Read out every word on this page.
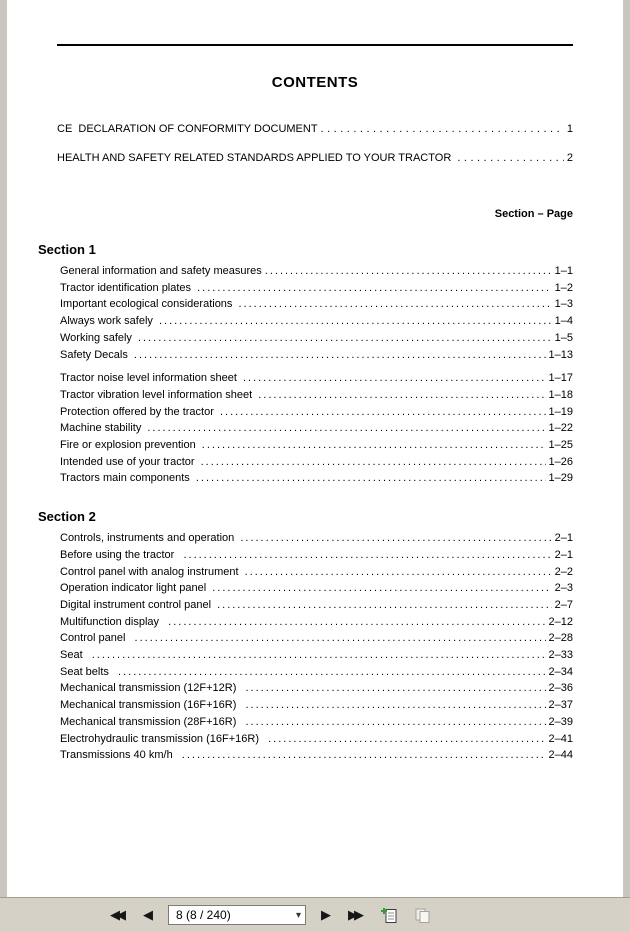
CONTENTS
CE  DECLARATION OF CONFORMITY DOCUMENT .....	1
HEALTH AND SAFETY RELATED STANDARDS APPLIED TO YOUR TRACTOR .....	2
Section – Page
Section 1
General information and safety measures .....	1–1
Tractor identification plates .....	1–2
Important ecological considerations .....	1–3
Always work safely .....	1–4
Working safely .....	1–5
Safety Decals .....	1–13
Tractor noise level information sheet .....	1–17
Tractor vibration level information sheet .....	1–18
Protection offered by the tractor .....	1–19
Machine stability .....	1–22
Fire or explosion prevention .....	1–25
Intended use of your tractor .....	1–26
Tractors main components .....	1–29
Section 2
Controls, instruments and operation .....	2–1
Before using the tractor .....	2–1
Control panel with analog instrument .....	2–2
Operation indicator light panel .....	2–3
Digital instrument control panel .....	2–7
Multifunction display .....	2–12
Control panel .....	2–28
Seat .....	2–33
Seat belts .....	2–34
Mechanical transmission (12F+12R) .....	2–36
Mechanical transmission (16F+16R) .....	2–37
Mechanical transmission (28F+16R) .....	2–39
Electrohydraulic transmission (16F+16R) .....	2–41
Transmissions 40 km/h .....	2–44
◀◀	◀ 8 (8 / 240)	▾	▶ ▶▶
